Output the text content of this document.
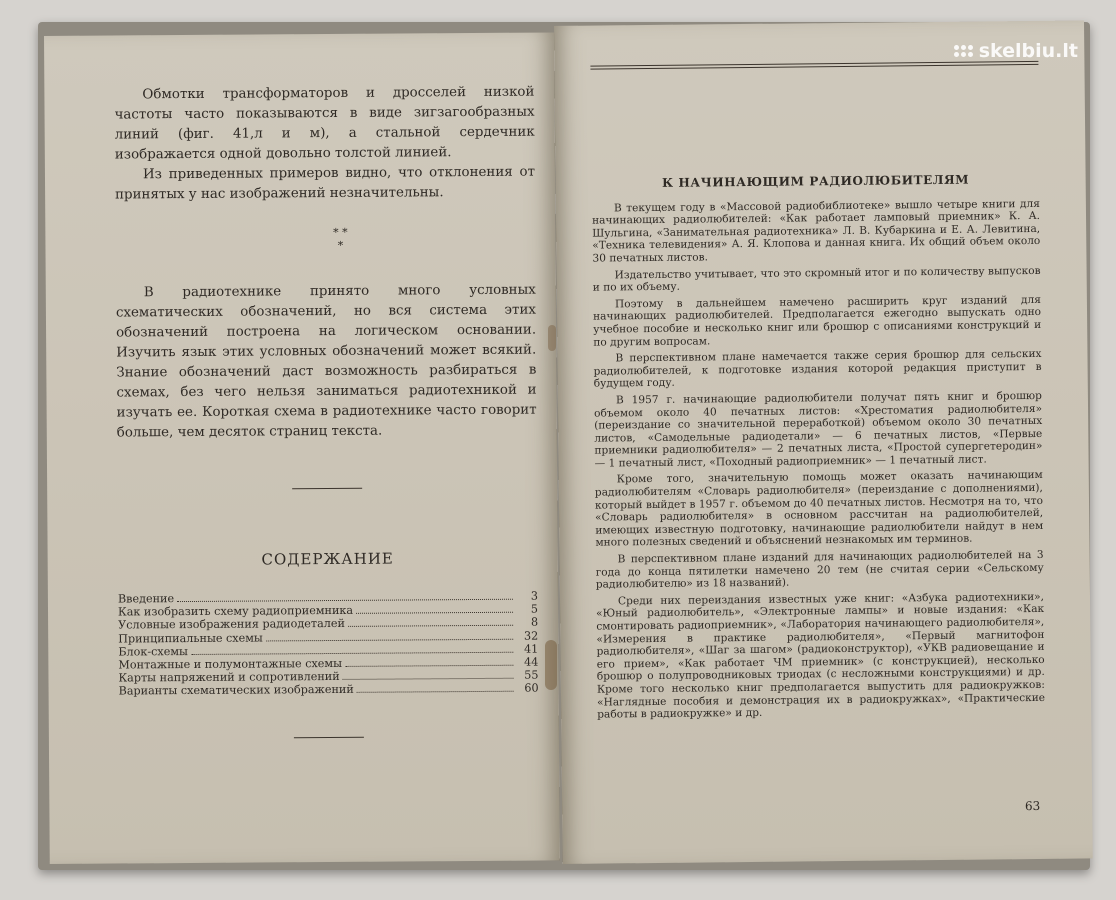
Обмотки трансформаторов и дросселей низкой частоты часто показываются в виде зигзагообразных линий (фиг. 41,л и м), а стальной сердечник изображается одной довольно толстой линией.

Из приведенных примеров видно, что отклонения от принятых у нас изображений незначительны.

* *
*

В радиотехнике принято много условных схематических обозначений, но вся система этих обозначений построена на логическом основании. Изучить язык этих условных обозначений может всякий. Знание обозначений даст возможность разбираться в схемах, без чего нельзя заниматься радиотехникой и изучать ее. Короткая схема в радиотехнике часто говорит больше, чем десяток страниц текста.

СОДЕРЖАНИЕ
Введение	3
Как изобразить схему радиоприемника	5
Условные изображения радиодеталей	8
Принципиальные схемы	32
Блок-схемы	41
Монтажные и полумонтажные схемы	44
Карты напряжений и сопротивлений	55
Варианты схематических изображений	60
К НАЧИНАЮЩИМ РАДИОЛЮБИТЕЛЯМ

В текущем году в «Массовой радиобиблиотеке» вышло четыре книги для начинающих радиолюбителей: «Как работает ламповый приемник» К. А. Шульгина, «Занимательная радиотехника» Л. В. Кубаркина и Е. А. Левитина, «Техника телевидения» А. Я. Клопова и данная книга. Их общий объем около 30 печатных листов.

Издательство учитывает, что это скромный итог и по количеству выпусков и по их объему.

Поэтому в дальнейшем намечено расширить круг изданий для начинающих радиолюбителей. Предполагается ежегодно выпускать одно учебное пособие и несколько книг или брошюр с описаниями конструкций и по другим вопросам.

В перспективном плане намечается также серия брошюр для сельских радиолюбителей, к подготовке издания которой редакция приступит в будущем году.

В 1957 г. начинающие радиолюбители получат пять книг и брошюр объемом около 40 печатных листов: «Хрестоматия радиолюбителя» (переиздание со значительной переработкой) объемом около 30 печатных листов, «Самодельные радиодетали» — 6 печатных листов, «Первые приемники радиолюбителя» — 2 печатных листа, «Простой супергетеродин» — 1 печатный лист, «Походный радиоприемник» — 1 печатный лист.

Кроме того, значительную помощь может оказать начинающим радиолюбителям «Словарь радиолюбителя» (переиздание с дополнениями), который выйдет в 1957 г. объемом до 40 печатных листов. Несмотря на то, что «Словарь радиолюбителя» в основном рассчитан на радиолюбителей, имеющих известную подготовку, начинающие радиолюбители найдут в нем много полезных сведений и объяснений незнакомых им терминов.

В перспективном плане изданий для начинающих радиолюбителей на 3 года до конца пятилетки намечено 20 тем (не считая серии «Сельскому радиолюбителю» из 18 названий).

Среди них переиздания известных уже книг: «Азбука радиотехники», «Юный радиолюбитель», «Электронные лампы» и новые издания: «Как смонтировать радиоприемник», «Лаборатория начинающего радиолюбителя», «Измерения в практике радиолюбителя», «Первый магнитофон радиолюбителя», «Шаг за шагом» (радиоконструктор), «УКВ радиовещание и его прием», «Как работает ЧМ приемник» (с конструкцией), несколько брошюр о полупроводниковых триодах (с несложными конструкциями) и др. Кроме того несколько книг предполагается выпустить для радиокружков: «Наглядные пособия и демонстрация их в радиокружках», «Практические работы в радиокружке» и др.

63
skelbiu.lt
